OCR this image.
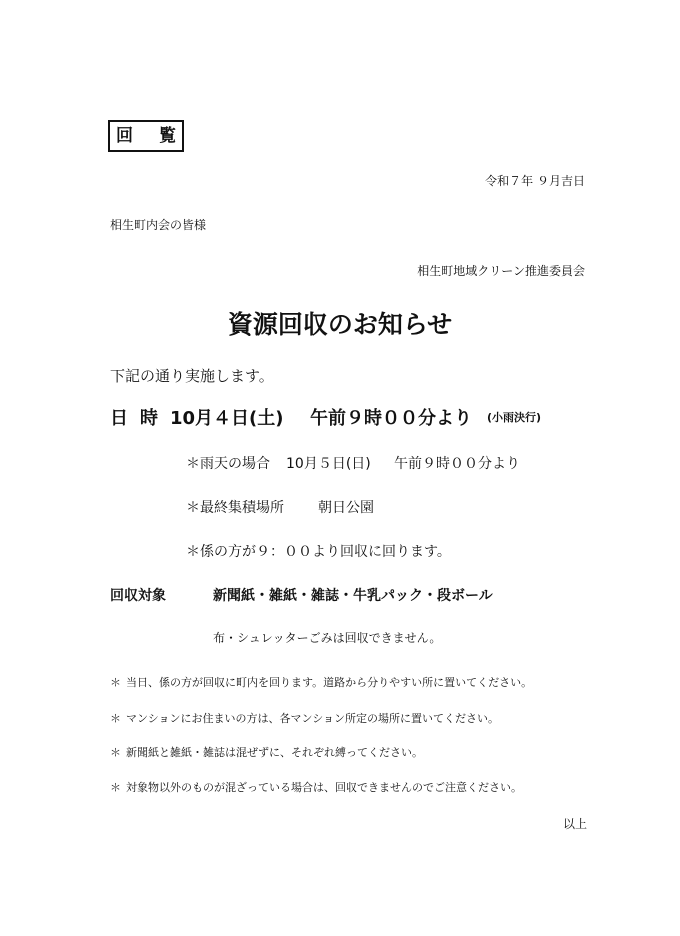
回 覧
令和７年 ９月吉日
相生町内会の皆様
相生町地域クリーン推進委員会
資源回収のお知らせ
下記の通り実施します。
日 時 10月４日(土) 午前９時００分より (小雨決行)
＊雨天の場合 10月５日(日) 午前９時００分より
＊最終集積場所 朝日公園
＊係の方が９：００より回収に回ります。
回収対象	新聞紙・雑紙・雑誌・牛乳パック・段ボール
布・シュレッターごみは回収できません。
＊ 当日、係の方が回収に町内を回ります。道路から分りやすい所に置いてください。
＊ マンションにお住まいの方は、各マンション所定の場所に置いてください。
＊ 新聞紙と雑紙・雑誌は混ぜずに、それぞれ縛ってください。
＊ 対象物以外のものが混ざっている場合は、回収できませんのでご注意ください。
以上
